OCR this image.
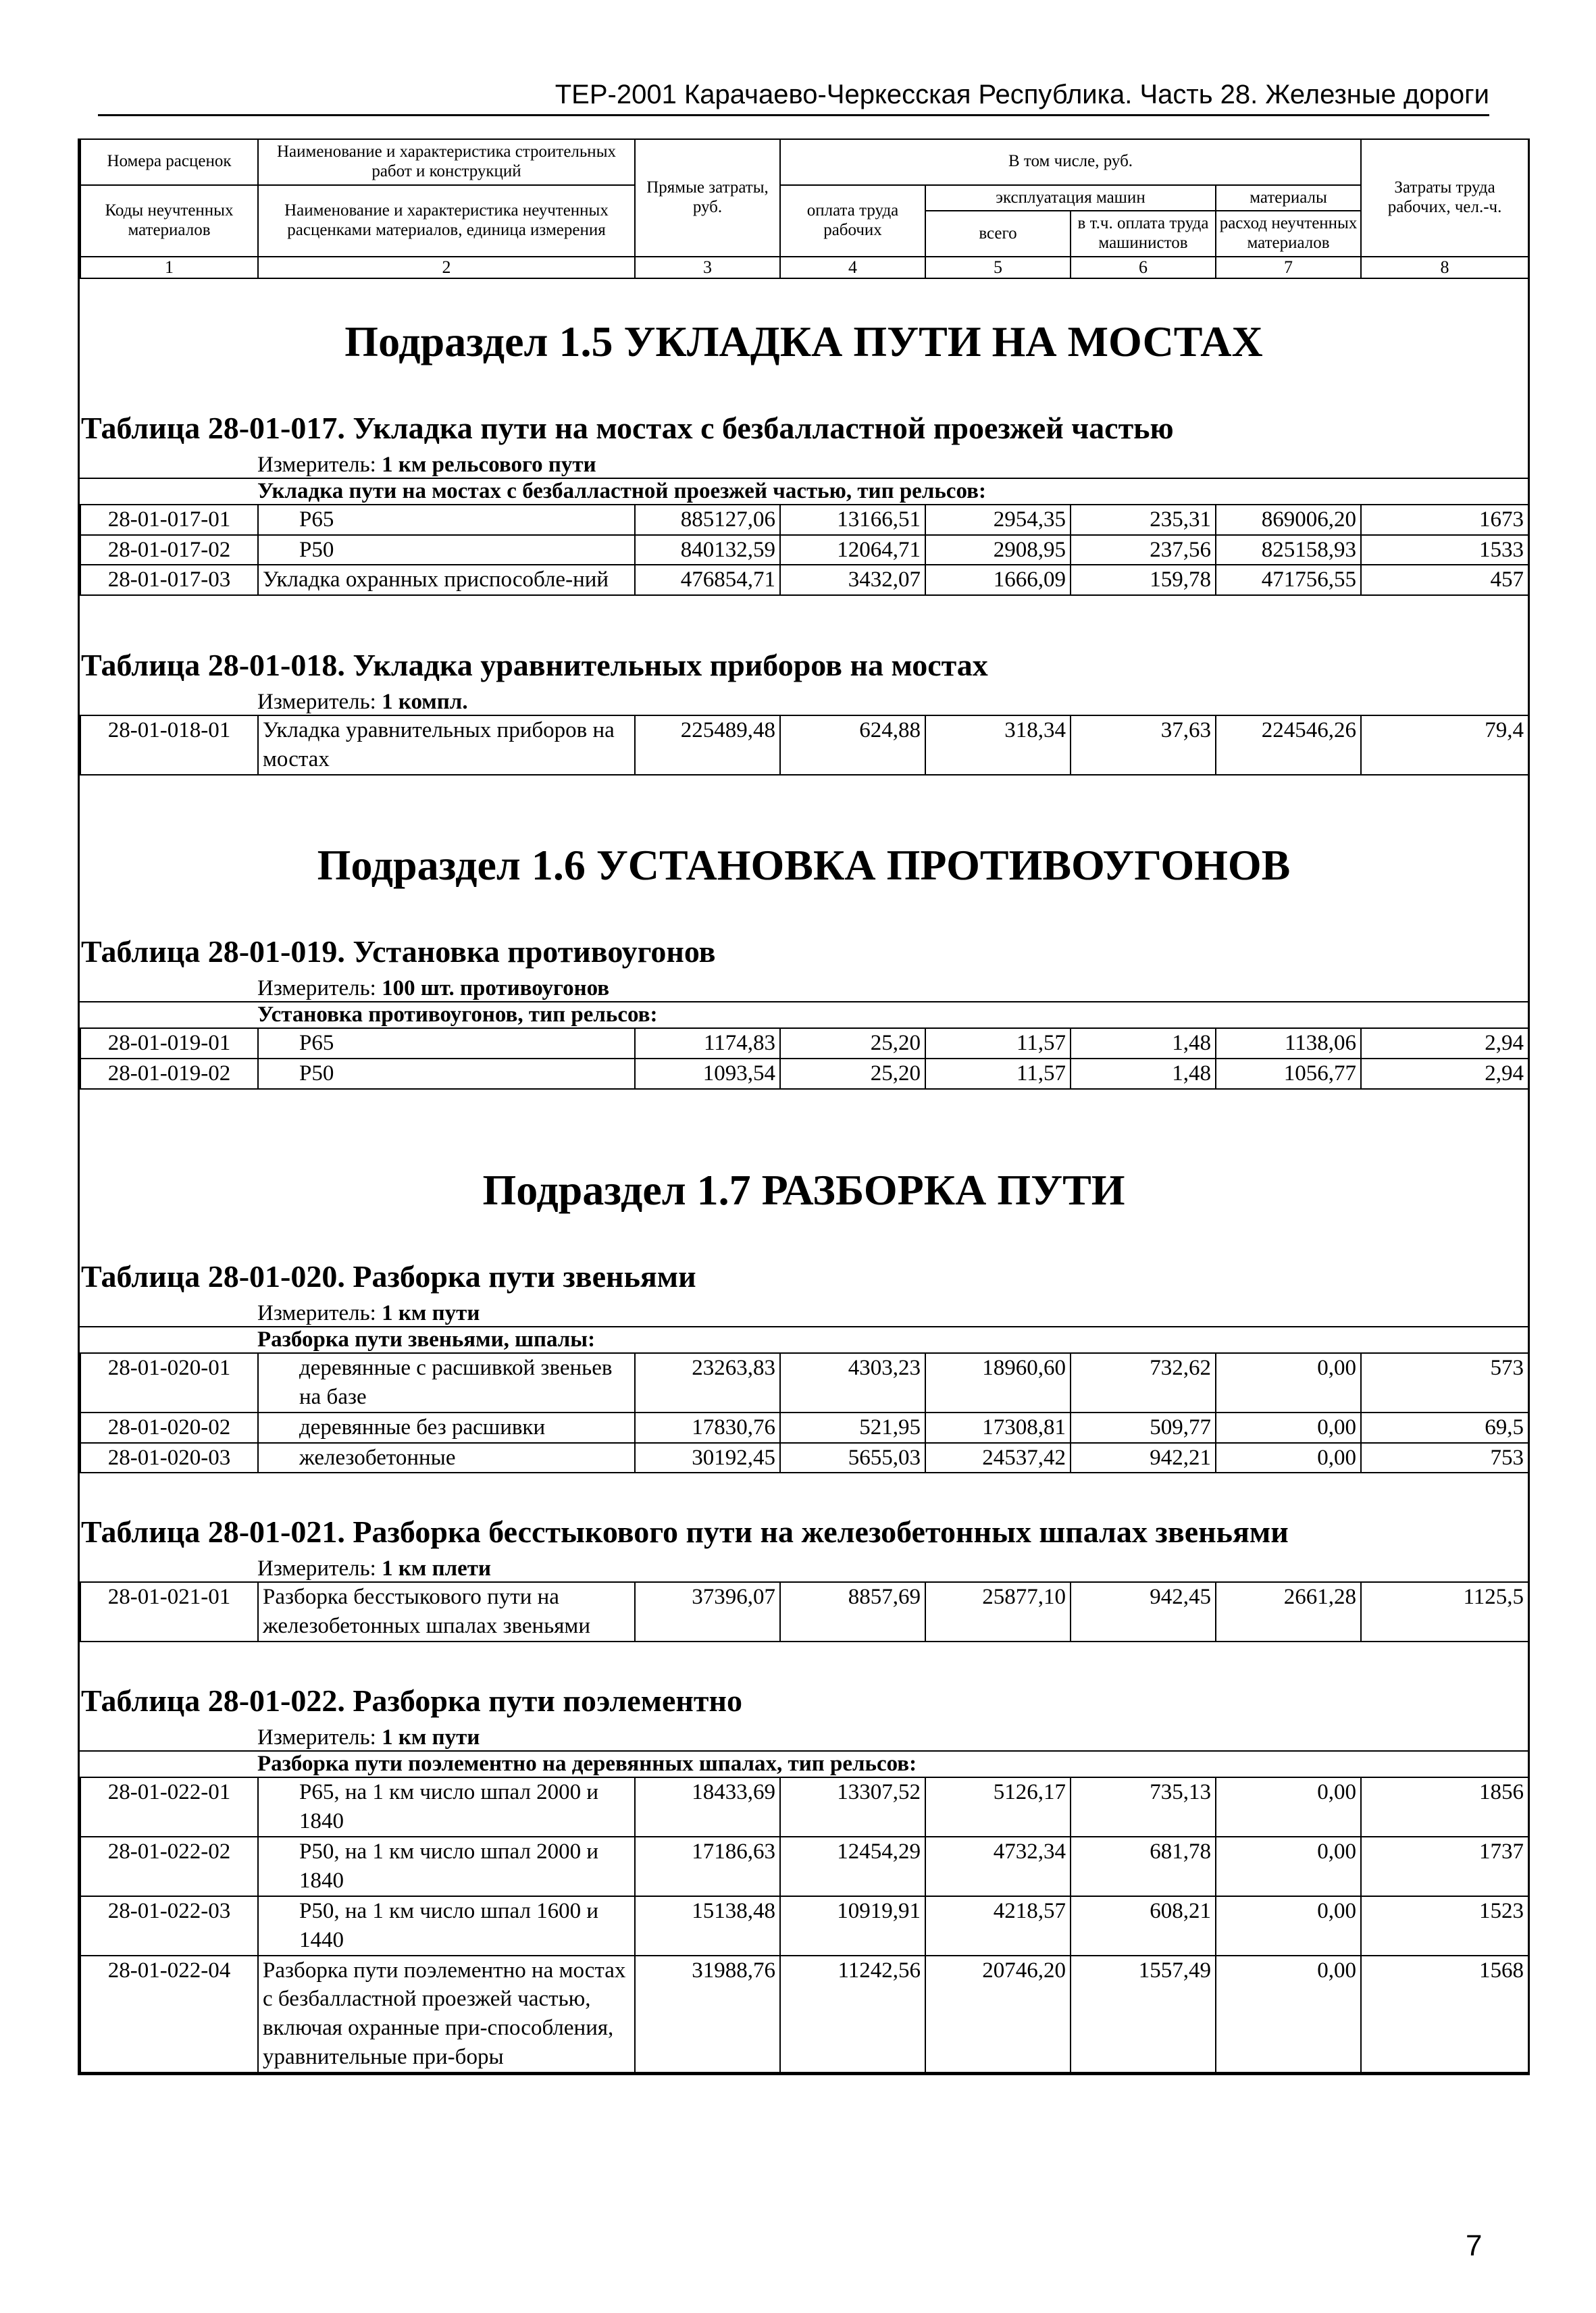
ТЕР-2001 Карачаево-Черкесская Республика. Часть 28. Железные дороги
Номера расценок	Наименование и характеристика строительных работ и конструкций	Прямые затраты, руб.	В том числе, руб.				Затраты труда рабочих, чел.-ч.
Коды неучтенных материалов	Наименование и характеристика неучтенных расценками материалов, единица измерения		оплата труда рабочих	эксплуатация машин		материалы	
				всего	в т.ч. оплата труда машинистов	расход неучтенных материалов	
1	2	3	4	5	6	7	8
Подраздел 1.5 УКЛАДКА ПУТИ НА МОСТАХ
Таблица 28-01-017. Укладка пути на мостах с безбалластной проезжей частью
Измеритель: 1 км рельсового пути
Укладка пути на мостах с безбалластной проезжей частью, тип рельсов:
28-01-017-01	Р65	885127,06	13166,51	2954,35	235,31	869006,20	1673
28-01-017-02	Р50	840132,59	12064,71	2908,95	237,56	825158,93	1533
28-01-017-03	Укладка охранных приспособле-ний	476854,71	3432,07	1666,09	159,78	471756,55	457
Таблица 28-01-018. Укладка уравнительных приборов на мостах
Измеритель: 1 компл.
28-01-018-01	Укладка уравнительных приборов на мостах	225489,48	624,88	318,34	37,63	224546,26	79,4
Подраздел 1.6 УСТАНОВКА ПРОТИВОУГОНОВ
Таблица 28-01-019. Установка противоугонов
Измеритель: 100 шт. противоугонов
Установка противоугонов, тип рельсов:
28-01-019-01	Р65	1174,83	25,20	11,57	1,48	1138,06	2,94
28-01-019-02	Р50	1093,54	25,20	11,57	1,48	1056,77	2,94
Подраздел 1.7 РАЗБОРКА ПУТИ
Таблица 28-01-020. Разборка пути звеньями
Измеритель: 1 км пути
Разборка пути звеньями, шпалы:
28-01-020-01	деревянные с расшивкой звеньев на базе	23263,83	4303,23	18960,60	732,62	0,00	573
28-01-020-02	деревянные без расшивки	17830,76	521,95	17308,81	509,77	0,00	69,5
28-01-020-03	железобетонные	30192,45	5655,03	24537,42	942,21	0,00	753
Таблица 28-01-021. Разборка бесстыкового пути на железобетонных шпалах звеньями
Измеритель: 1 км плети
28-01-021-01	Разборка бесстыкового пути на железобетонных шпалах звеньями	37396,07	8857,69	25877,10	942,45	2661,28	1125,5
Таблица 28-01-022. Разборка пути поэлементно
Измеритель: 1 км пути
Разборка пути поэлементно на деревянных шпалах, тип рельсов:
28-01-022-01	Р65, на 1 км число шпал 2000 и 1840	18433,69	13307,52	5126,17	735,13	0,00	1856
28-01-022-02	Р50, на 1 км число шпал 2000 и 1840	17186,63	12454,29	4732,34	681,78	0,00	1737
28-01-022-03	Р50, на 1 км число шпал 1600 и 1440	15138,48	10919,91	4218,57	608,21	0,00	1523
28-01-022-04	Разборка пути поэлементно на мостах с безбалластной проезжей частью, включая охранные при-способления, уравнительные при-боры	31988,76	11242,56	20746,20	1557,49	0,00	1568
7
